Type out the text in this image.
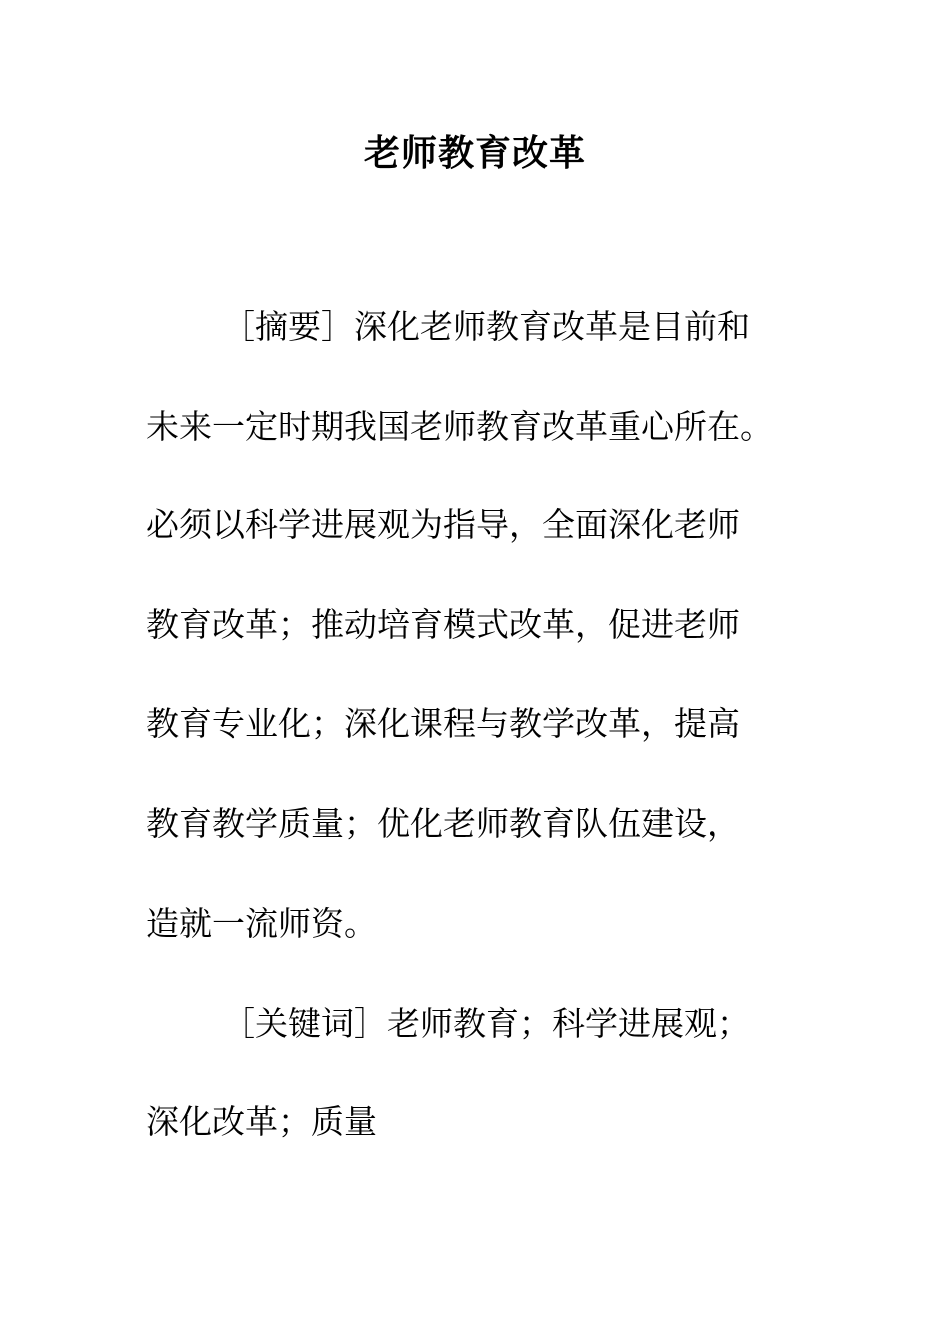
老师教育改革
［摘要］深化老师教育改革是目前和
未来一定时期我国老师教育改革重心所在。
必须以科学进展观为指导，全面深化老师
教育改革；推动培育模式改革，促进老师
教育专业化；深化课程与教学改革，提高
教育教学质量；优化老师教育队伍建设，
造就一流师资。
［关键词］老师教育；科学进展观；
深化改革；质量
